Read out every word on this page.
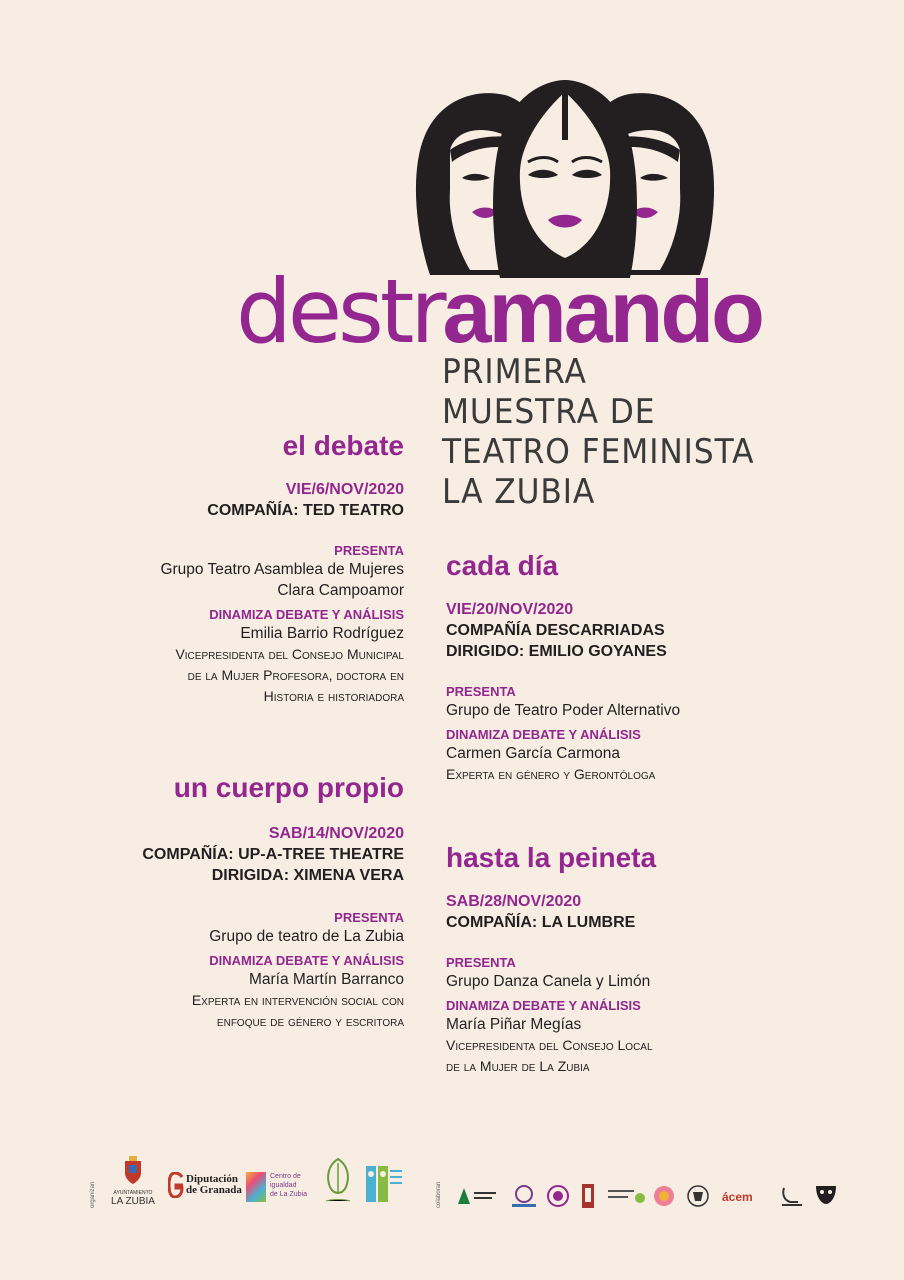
destramando
PRIMERA
MUESTRA DE
TEATRO FEMINISTA
LA ZUBIA
el debate
VIE/6/NOV/2020
COMPAÑÍA: TED TEATRO
PRESENTA
Grupo Teatro Asamblea de Mujeres
Clara Campoamor
DINAMIZA DEBATE Y ANÁLISIS
Emilia Barrio Rodríguez
Vicepresidenta del Consejo Municipal
de la Mujer Profesora, doctora en
Historia e historiadora
un cuerpo propio
SAB/14/NOV/2020
COMPAÑÍA: UP-A-TREE THEATRE
DIRIGIDA: XIMENA VERA
PRESENTA
Grupo de teatro de La Zubia
DINAMIZA DEBATE Y ANÁLISIS
María Martín Barranco
Experta en intervención social con
enfoque de género y escritora
cada día
VIE/20/NOV/2020
COMPAÑÍA DESCARRIADAS
DIRIGIDO: EMILIO GOYANES
PRESENTA
Grupo de Teatro Poder Alternativo
DINAMIZA DEBATE Y ANÁLISIS
Carmen García Carmona
Experta en género y Gerontóloga
hasta la peineta
SAB/28/NOV/2020
COMPAÑÍA: LA LUMBRE
PRESENTA
Grupo Danza Canela y Limón
DINAMIZA DEBATE Y ANÁLISIS
María Piñar Megías
Vicepresidenta del Consejo Local
de la Mujer de La Zubia
organizan	AYUNTAMIENTO
LA ZUBIA
Diputación
de Granada
Centro de
igualdad
de La Zubia	colaboran	ácem
